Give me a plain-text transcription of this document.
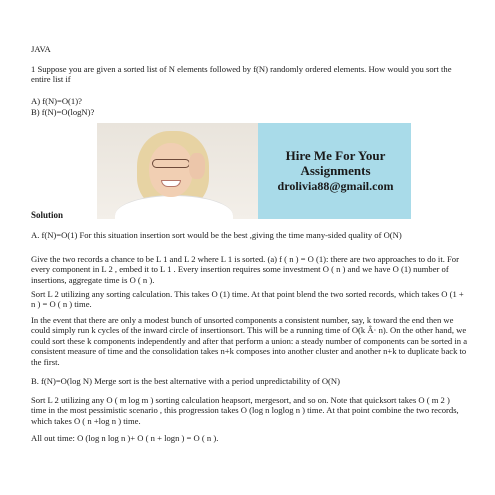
JAVA

1 Suppose you are given a sorted list of N elements followed by f(N) randomly ordered elements. How would you sort the entire list if

A) f(N)=O(1)?

B) f(N)=O(logN)?

Hire Me For Your
Assignments
drolivia88@gmail.com
Solution

A. f(N)=O(1) For this situation insertion sort would be the best ,giving the time many-sided quality of O(N)

Give the two records a chance to be L 1 and L 2 where L 1 is sorted. (a) f ( n ) = O (1): there are two approaches to do it. For every component in L 2 , embed it to L 1 . Every insertion requires some investment O ( n ) and we have O (1) number of insertions, aggregate time is O ( n ).

Sort L 2 utilizing any sorting calculation. This takes O (1) time. At that point blend the two sorted records, which takes O (1 + n ) = O ( n ) time.

In the event that there are only a modest bunch of unsorted components a consistent number, say, k toward the end then we could simply run k cycles of the inward circle of insertionsort. This will be a running time of O(k Â· n). On the other hand, we could sort these k components independently and after that perform a union: a steady number of components can be sorted in a consistent measure of time and the consolidation takes n+k composes into another cluster and another n+k to duplicate back to the first.

B. f(N)=O(log N) Merge sort is the best alternative with a period unpredictability of O(N)

Sort L 2 utilizing any O ( m log m ) sorting calculation heapsort, mergesort, and so on. Note that quicksort takes O ( m 2 ) time in the most pessimistic scenario , this progression takes O (log n loglog n ) time. At that point combine the two records, which takes O ( n +log n ) time.

All out time: O (log n log n )+ O ( n + logn ) = O ( n ).
